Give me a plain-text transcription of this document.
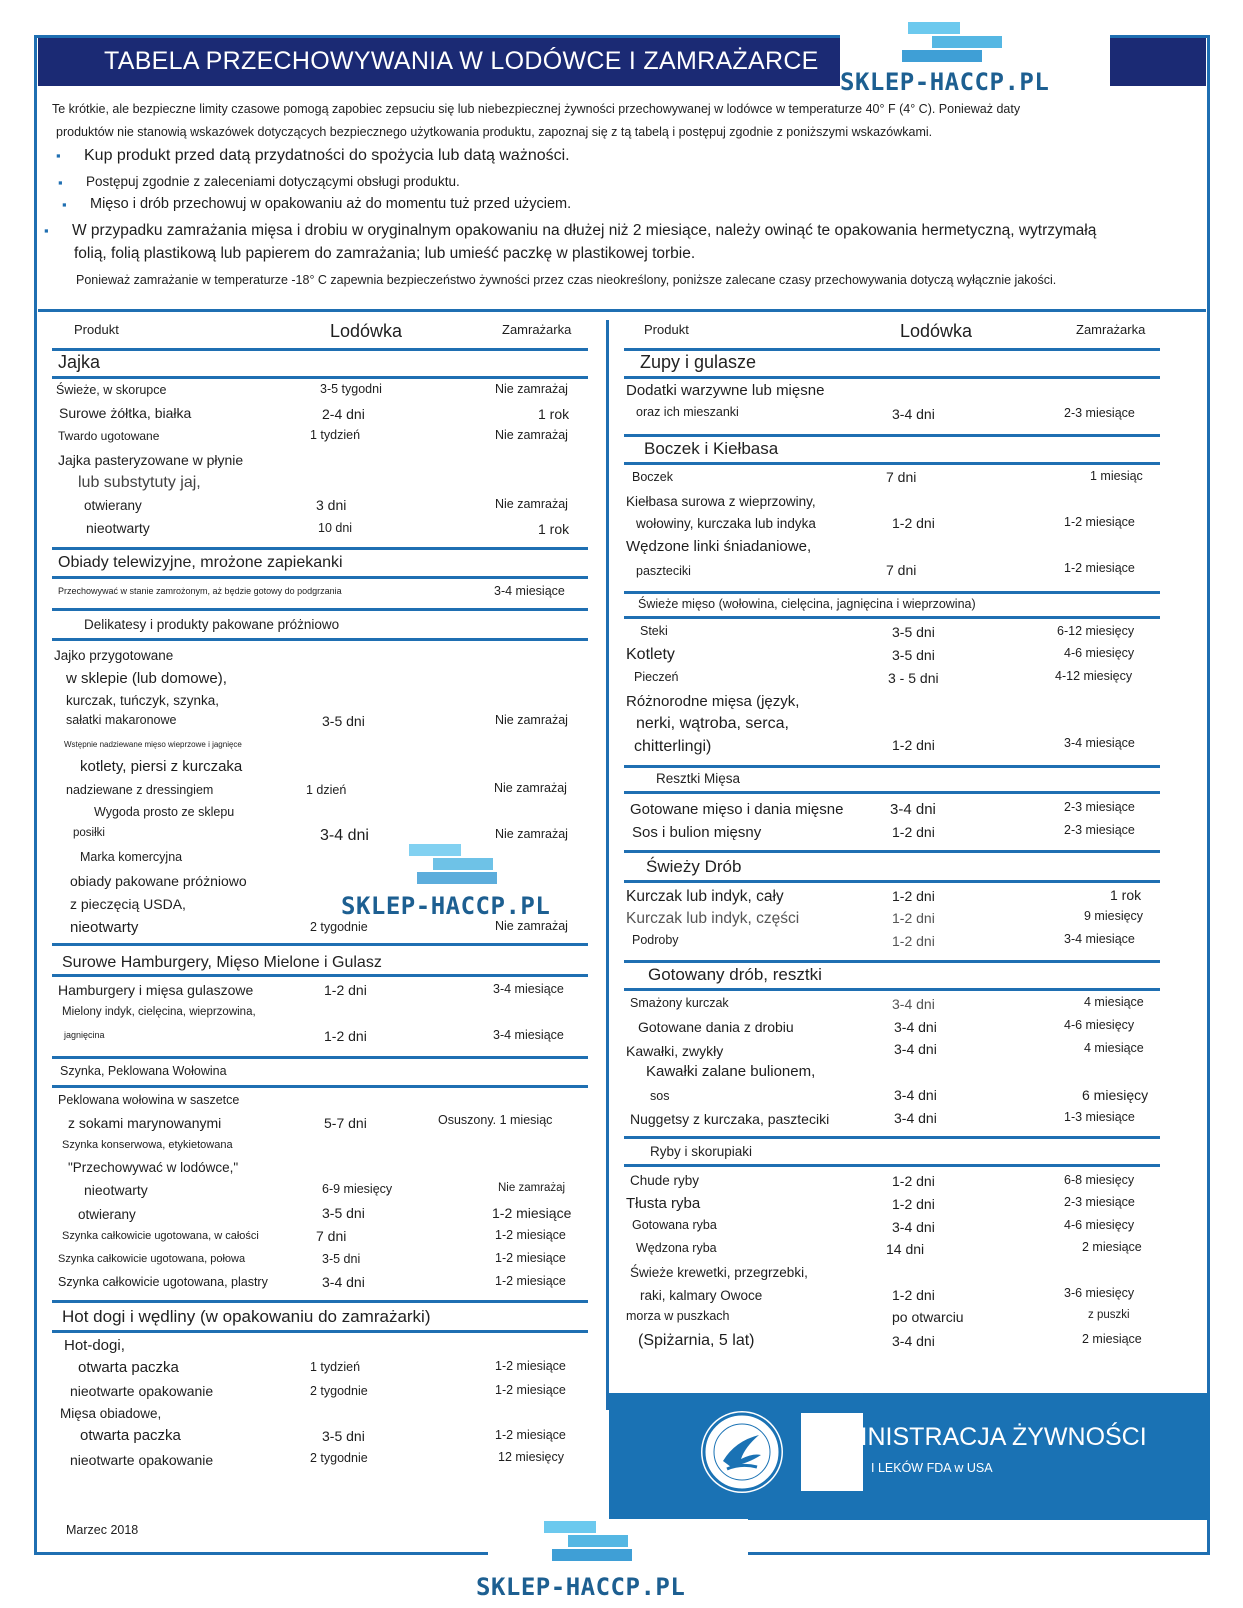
TABELA PRZECHOWYWANIA W LODÓWCE I ZAMRAŻARCE
SKLEP-HACCP.PL

Te krótkie, ale bezpieczne limity czasowe pomogą zapobiec zepsuciu się lub niebezpiecznej żywności przechowywanej w lodówce w temperaturze 40° F (4° C). Ponieważ daty

produktów nie stanowią wskazówek dotyczących bezpiecznego użytkowania produktu, zapoznaj się z tą tabelą i postępuj zgodnie z poniższymi wskazówkami.

▪ Kup produkt przed datą przydatności do spożycia lub datą ważności.
▪ Postępuj zgodnie z zaleceniami dotyczącymi obsługi produktu.
▪ Mięso i drób przechowuj w opakowaniu aż do momentu tuż przed użyciem.
▪ W przypadku zamrażania mięsa i drobiu w oryginalnym opakowaniu na dłużej niż 2 miesiące, należy owinąć te opakowania hermetyczną, wytrzymałą

folią, folią plastikową lub papierem do zamrażania; lub umieść paczkę w plastikowej torbie.

Ponieważ zamrażanie w temperaturze -18° C zapewnia bezpieczeństwo żywności przez czas nieokreślony, poniższe zalecane czasy przechowywania dotyczą wyłącznie jakości.

Produkt	Lodówka	Zamrażarka
Jajka
Świeże, w skorupce	3-5 tygodni	Nie zamrażaj
Surowe żółtka, białka	2-4 dni	1 rok
Twardo ugotowane	1 tydzień	Nie zamrażaj
Jajka pasteryzowane w płynie
lub substytuty jaj,
otwierany	3 dni	Nie zamrażaj
nieotwarty	10 dni	1 rok
Obiady telewizyjne, mrożone zapiekanki
Przechowywać w stanie zamrożonym, aż będzie gotowy do podgrzania	3-4 miesiące
Delikatesy i produkty pakowane próżniowo
Jajko przygotowane
w sklepie (lub domowe),
kurczak, tuńczyk, szynka,
sałatki makaronowe	3-5 dni	Nie zamrażaj
Wstępnie nadziewane mięso wieprzowe i jagnięce
kotlety, piersi z kurczaka
nadziewane z dressingiem	1 dzień	Nie zamrażaj
Wygoda prosto ze sklepu
posiłki	3-4 dni	Nie zamrażaj
Marka komercyjna
obiady pakowane próżniowo
z pieczęcią USDA,
nieotwarty	2 tygodnie	Nie zamrażaj
Surowe Hamburgery, Mięso Mielone i Gulasz
Hamburgery i mięsa gulaszowe	1-2 dni	3-4 miesiące
Mielony indyk, cielęcina, wieprzowina,
jagnięcina	1-2 dni	3-4 miesiące
Szynka, Peklowana Wołowina
Peklowana wołowina w saszetce
z sokami marynowanymi	5-7 dni	Osuszony. 1 miesiąc
Szynka konserwowa, etykietowana
"Przechowywać w lodówce,"
nieotwarty	6-9 miesięcy	Nie zamrażaj
otwierany	3-5 dni	1-2 miesiące
Szynka całkowicie ugotowana, w całości	7 dni	1-2 miesiące
Szynka całkowicie ugotowana, połowa	3-5 dni	1-2 miesiące
Szynka całkowicie ugotowana, plastry	3-4 dni	1-2 miesiące
Hot dogi i wędliny (w opakowaniu do zamrażarki)
Hot-dogi,
otwarta paczka	1 tydzień	1-2 miesiące
nieotwarte opakowanie	2 tygodnie	1-2 miesiące
Mięsa obiadowe,
otwarta paczka	3-5 dni	1-2 miesiące
nieotwarte opakowanie	2 tygodnie	12 miesięcy
Produkt	Lodówka	Zamrażarka
Zupy i gulasze
Dodatki warzywne lub mięsne
oraz ich mieszanki	3-4 dni	2-3 miesiące
Boczek i Kiełbasa
Boczek	7 dni	1 miesiąc
Kiełbasa surowa z wieprzowiny,
wołowiny, kurczaka lub indyka	1-2 dni	1-2 miesiące
Wędzone linki śniadaniowe,
paszteciki	7 dni	1-2 miesiące
Świeże mięso (wołowina, cielęcina, jagnięcina i wieprzowina)
Steki	3-5 dni	6-12 miesięcy
Kotlety	3-5 dni	4-6 miesięcy
Pieczeń	3 - 5 dni	4-12 miesięcy
Różnorodne mięsa (język,
nerki, wątroba, serca,
chitterlingi)	1-2 dni	3-4 miesiące
Resztki Mięsa
Gotowane mięso i dania mięsne	3-4 dni	2-3 miesiące
Sos i bulion mięsny	1-2 dni	2-3 miesiące
Świeży Drób
Kurczak lub indyk, cały	1-2 dni	1 rok
Kurczak lub indyk, części	1-2 dni	9 miesięcy
Podroby	1-2 dni	3-4 miesiące
Gotowany drób, resztki
Smażony kurczak	3-4 dni	4 miesiące
Gotowane dania z drobiu	3-4 dni	4-6 miesięcy
Kawałki, zwykły	3-4 dni	4 miesiące
Kawałki zalane bulionem,
sos	3-4 dni	6 miesięcy
Nuggetsy z kurczaka, paszteciki	3-4 dni	1-3 miesiące
Ryby i skorupiaki
Chude ryby	1-2 dni	6-8 miesięcy
Tłusta ryba	1-2 dni	2-3 miesiące
Gotowana ryba	3-4 dni	4-6 miesięcy
Wędzona ryba	14 dni	2 miesiące
Świeże krewetki, przegrzebki,
raki, kalmary Owoce	1-2 dni	3-6 miesięcy
morza w puszkach	po otwarciu	z puszki
(Spiżarnia, 5 lat)	3-4 dni	2 miesiące
SKLEP-HACCP.PL
ADMINISTRACJA ŻYWNOŚCI
I LEKÓW FDA w USA
Marzec 2018
SKLEP-HACCP.PL
